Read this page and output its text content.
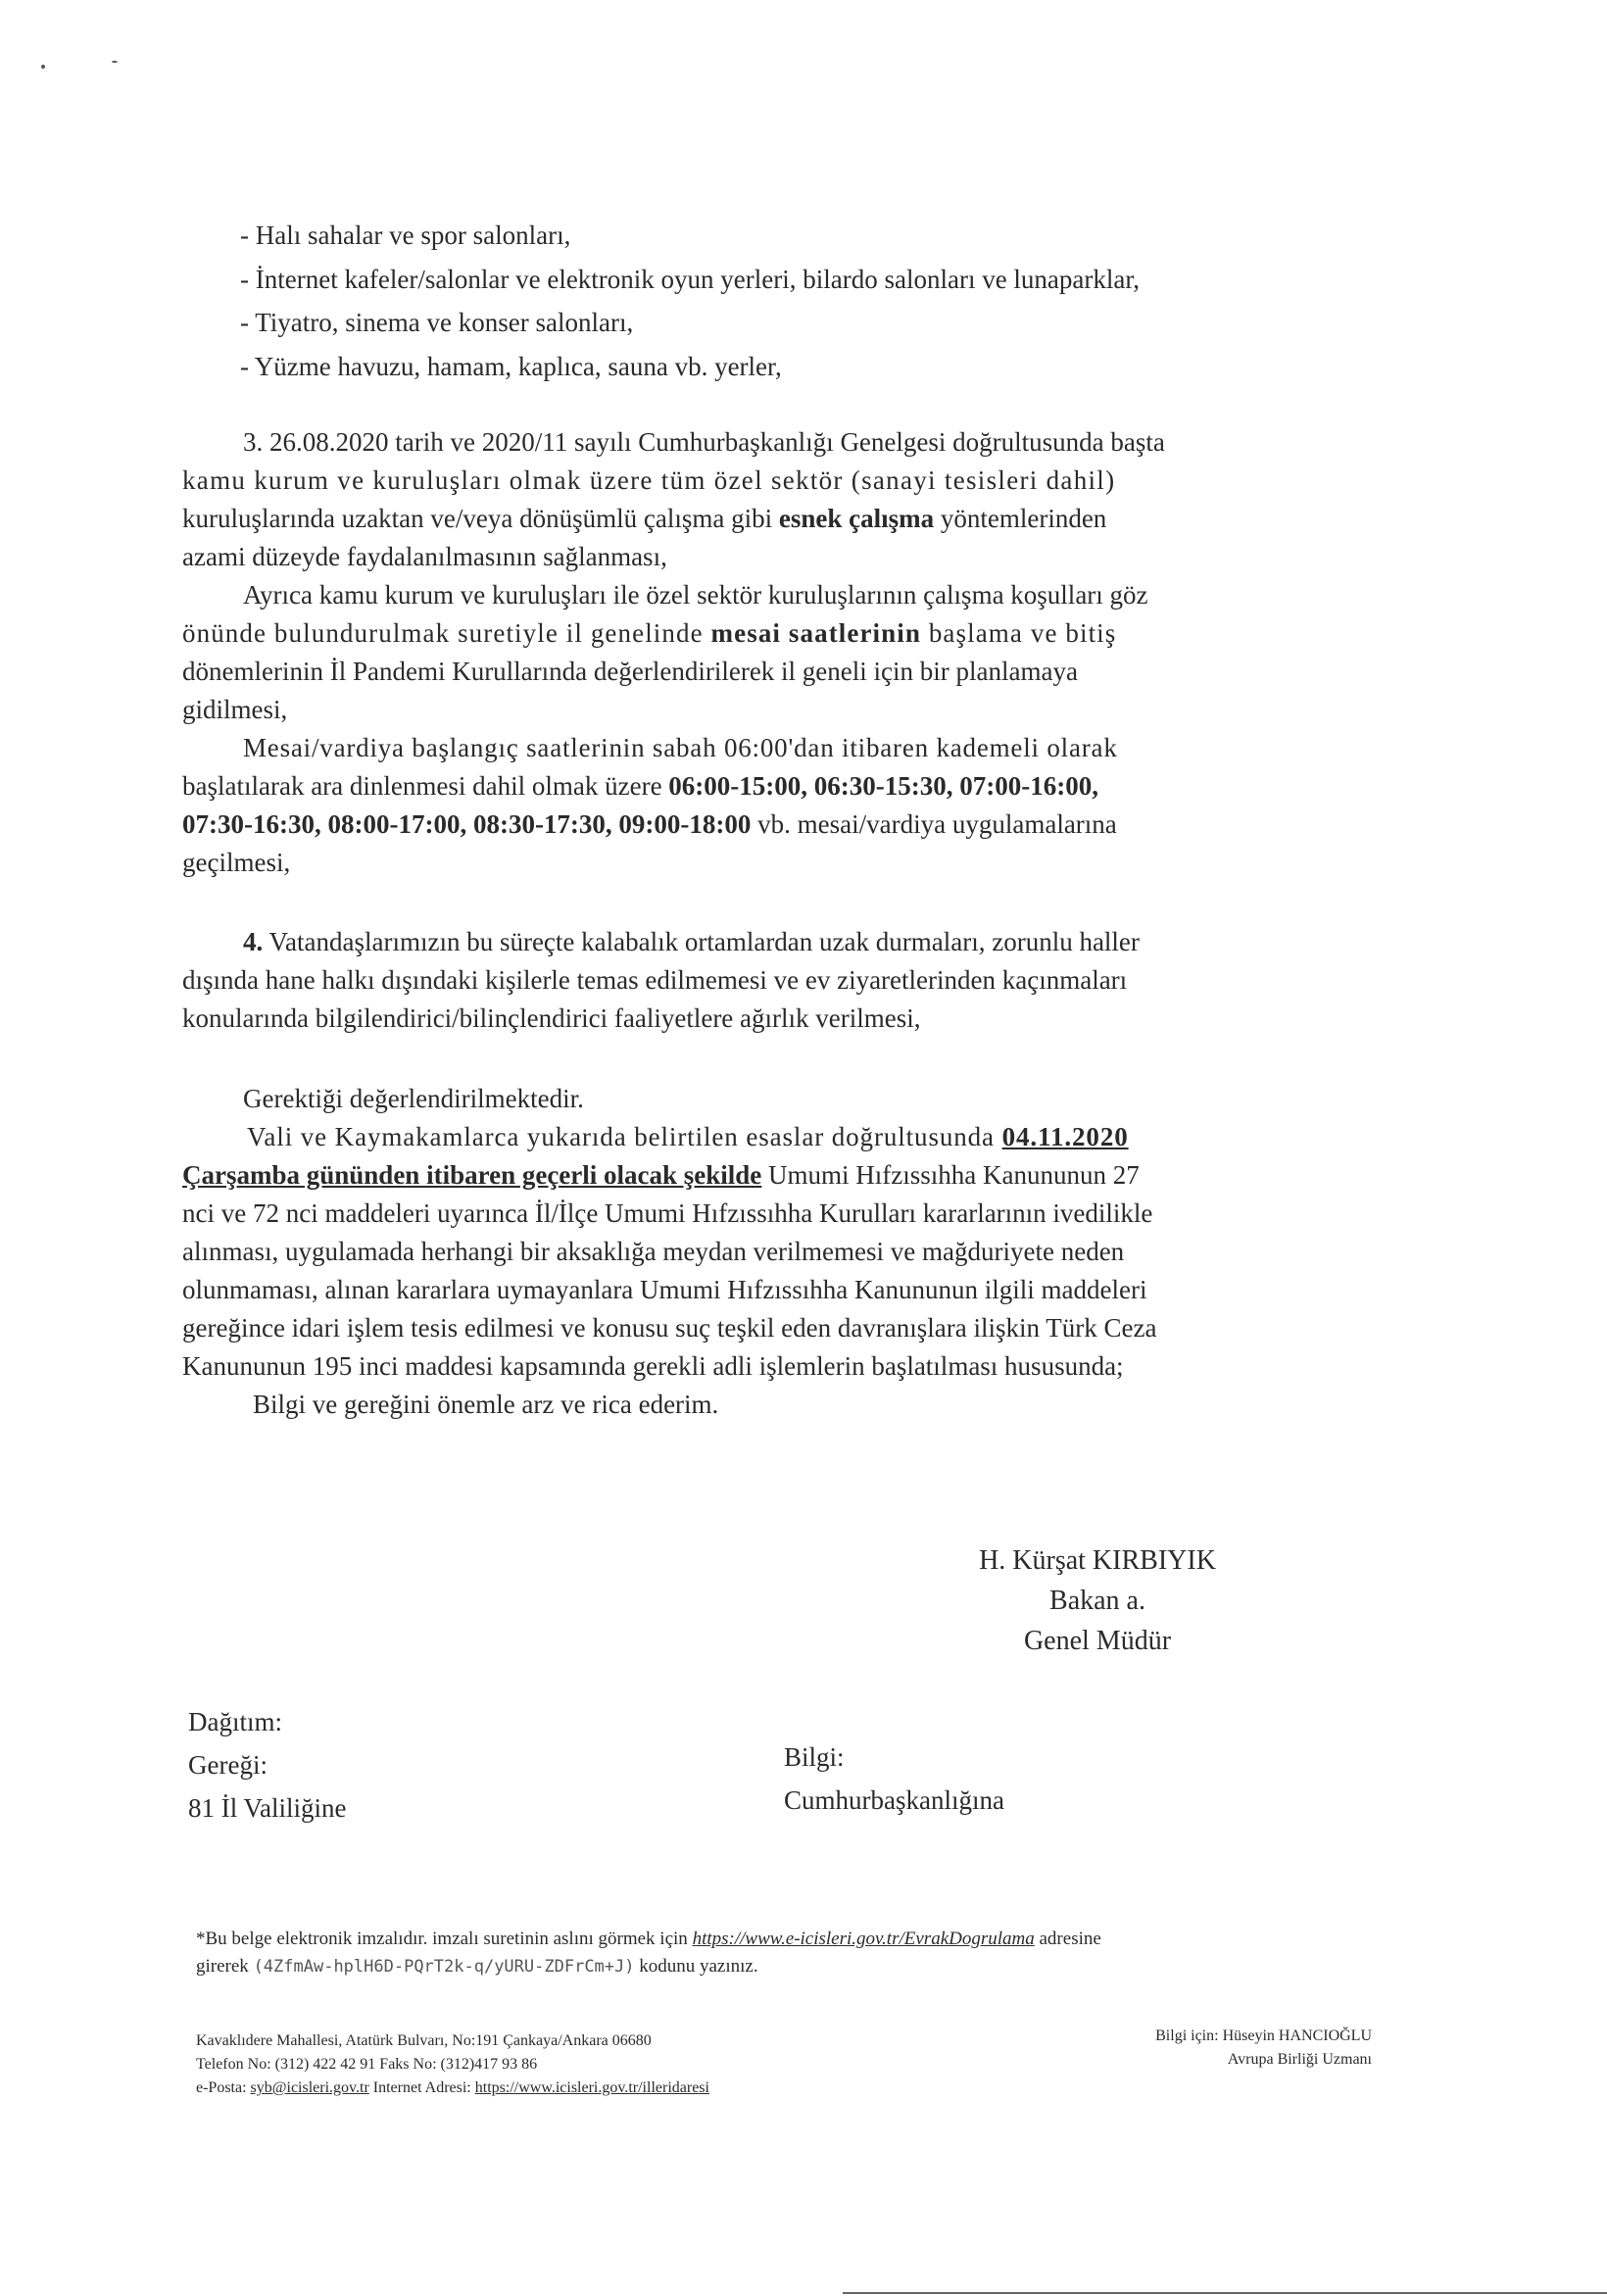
- Halı sahalar ve spor salonları,
- İnternet kafeler/salonlar ve elektronik oyun yerleri, bilardo salonları ve lunaparklar,
- Tiyatro, sinema ve konser salonları,
- Yüzme havuzu, hamam, kaplıca, sauna vb. yerler,
3. 26.08.2020 tarih ve 2020/11 sayılı Cumhurbaşkanlığı Genelgesi doğrultusunda başta
kamu kurum ve kuruluşları olmak üzere tüm özel sektör (sanayi tesisleri dahil)
kuruluşlarında uzaktan ve/veya dönüşümlü çalışma gibi esnek çalışma yöntemlerinden
azami düzeyde faydalanılmasının sağlanması,
Ayrıca kamu kurum ve kuruluşları ile özel sektör kuruluşlarının çalışma koşulları göz
önünde bulundurulmak suretiyle il genelinde mesai saatlerinin başlama ve bitiş
dönemlerinin İl Pandemi Kurullarında değerlendirilerek il geneli için bir planlamaya
gidilmesi,
Mesai/vardiya başlangıç saatlerinin sabah 06:00'dan itibaren kademeli olarak
başlatılarak ara dinlenmesi dahil olmak üzere 06:00-15:00, 06:30-15:30, 07:00-16:00,
07:30-16:30, 08:00-17:00, 08:30-17:30, 09:00-18:00 vb. mesai/vardiya uygulamalarına
geçilmesi,
4. Vatandaşlarımızın bu süreçte kalabalık ortamlardan uzak durmaları, zorunlu haller
dışında hane halkı dışındaki kişilerle temas edilmemesi ve ev ziyaretlerinden kaçınmaları
konularında bilgilendirici/bilinçlendirici faaliyetlere ağırlık verilmesi,
Gerektiği değerlendirilmektedir.
Vali ve Kaymakamlarca yukarıda belirtilen esaslar doğrultusunda 04.11.2020
Çarşamba gününden itibaren geçerli olacak şekilde Umumi Hıfzıssıhha Kanununun 27
nci ve 72 nci maddeleri uyarınca İl/İlçe Umumi Hıfzıssıhha Kurulları kararlarının ivedilikle
alınması, uygulamada herhangi bir aksaklığa meydan verilmemesi ve mağduriyete neden
olunmaması, alınan kararlara uymayanlara Umumi Hıfzıssıhha Kanununun ilgili maddeleri
gereğince idari işlem tesis edilmesi ve konusu suç teşkil eden davranışlara ilişkin Türk Ceza
Kanununun 195 inci maddesi kapsamında gerekli adli işlemlerin başlatılması hususunda;
Bilgi ve gereğini önemle arz ve rica ederim.
H. Kürşat KIRBIYIK
Bakan a.
Genel Müdür
Dağıtım:
Gereği:
81 İl Valiliğine
Bilgi:
Cumhurbaşkanlığına
*Bu belge elektronik imzalıdır. imzalı suretinin aslını görmek için https://www.e-icisleri.gov.tr/EvrakDogrulama adresine
girerek (4ZfmAw-hplH6D-PQrT2k-q/yURU-ZDFrCm+J) kodunu yazınız.
Kavaklıdere Mahallesi, Atatürk Bulvarı, No:191 Çankaya/Ankara 06680
Telefon No: (312) 422 42 91 Faks No: (312)417 93 86
e-Posta: syb@icisleri.gov.tr Internet Adresi: https://www.icisleri.gov.tr/illeridaresi
Bilgi için: Hüseyin HANCIOĞLU
Avrupa Birliği Uzmanı
